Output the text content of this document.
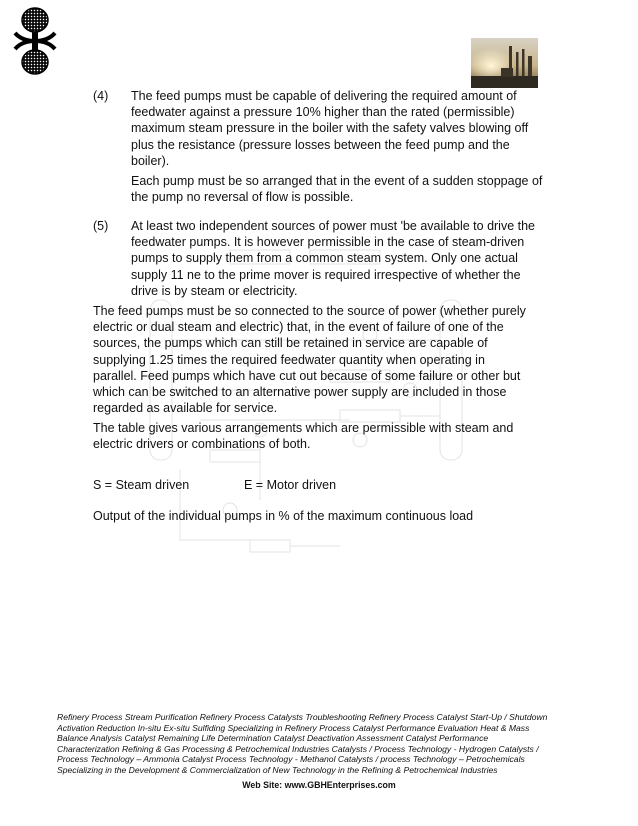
(4) The feed pumps must be capable of delivering the required amount of feedwater against a pressure 10% higher than the rated (permissible) maximum steam pressure in the boiler with the safety valves blowing off plus the resistance (pressure losses between the feed pump and the boiler).

Each pump must be so arranged that in the event of a sudden stoppage of the pump no reversal of flow is possible.

(5) At least two independent sources of power must 'be available to drive the feedwater pumps. It is however permissible in the case of steam-driven pumps to supply them from a common steam system. Only one actual supply 11 ne to the prime mover is required irrespective of whether the drive is by steam or electricity.

The feed pumps must be so connected to the source of power (whether purely electric or dual steam and electric) that, in the event of failure of one of the sources, the pumps which can still be retained in service are capable of supplying 1.25 times the required feedwater quantity when operating in parallel. Feed pumps which have cut out because of some failure or other but which can be switched to an alternative power supply are included in those regarded as available for service.

The table gives various arrangements which are permissible with steam and electric drivers or combinations of both.

S = Steam driven	E = Motor driven

Output of the individual pumps in % of the maximum continuous load

Refinery Process Stream Purification Refinery Process Catalysts Troubleshooting Refinery Process Catalyst Start-Up / Shutdown
Activation Reduction In-situ Ex-situ Sulfiding Specializing in Refinery Process Catalyst Performance Evaluation Heat & Mass
Balance Analysis Catalyst Remaining Life Determination Catalyst Deactivation Assessment Catalyst Performance
Characterization Refining & Gas Processing & Petrochemical Industries Catalysts / Process Technology - Hydrogen Catalysts /
Process Technology – Ammonia Catalyst Process Technology - Methanol Catalysts / process Technology – Petrochemicals
Specializing in the Development & Commercialization of New Technology in the Refining & Petrochemical Industries
Web Site: www.GBHEnterprises.com
